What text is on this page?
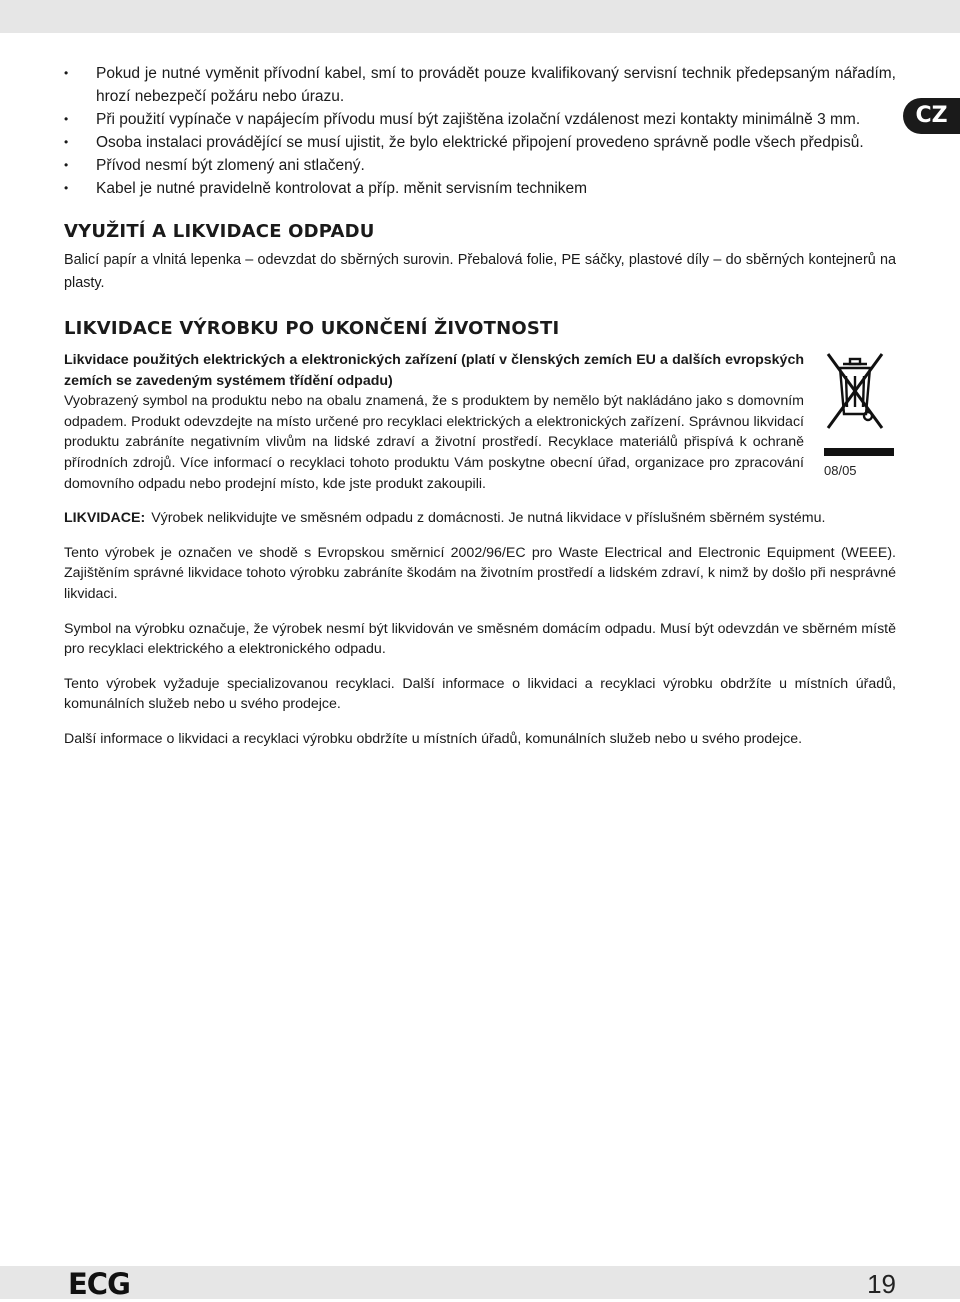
CZ
• Pokud je nutné vyměnit přívodní kabel, smí to provádět pouze kvalifikovaný servisní technik předepsaným nářadím, hrozí nebezpečí požáru nebo úrazu.
• Při použití vypínače v napájecím přívodu musí být zajištěna izolační vzdálenost mezi kontakty minimálně 3 mm.
• Osoba instalaci provádějící se musí ujistit, že bylo elektrické připojení provedeno správně podle všech předpisů.
• Přívod nesmí být zlomený ani stlačený.
• Kabel je nutné pravidelně kontrolovat a příp. měnit servisním technikem
VYUŽITÍ A LIKVIDACE ODPADU

Balicí papír a vlnitá lepenka – odevzdat do sběrných surovin. Přebalová folie, PE sáčky, plastové díly – do sběrných kontejnerů na plasty.

LIKVIDACE VÝROBKU PO UKONČENÍ ŽIVOTNOSTI
Likvidace použitých elektrických a elektronických zařízení (platí v členských zemích EU a dalších evropských zemích se zavedeným systémem třídění odpadu)
Vyobrazený symbol na produktu nebo na obalu znamená, že s produktem by nemělo být nakládáno jako s domovním odpadem. Produkt odevzdejte na místo určené pro recyklaci elektrických a elektronických zařízení. Správnou likvidací produktu zabráníte negativním vlivům na lidské zdraví a životní prostředí. Recyklace materiálů přispívá k ochraně přírodních zdrojů. Více informací o recyklaci tohoto produktu Vám poskytne obecní úřad, organizace pro zpracování domovního odpadu nebo prodejní místo, kde jste produkt zakoupili.
08/05

LIKVIDACE: Výrobek nelikvidujte ve směsném odpadu z domácnosti. Je nutná likvidace v příslušném sběrném systému.

Tento výrobek je označen ve shodě s Evropskou směrnicí 2002/96/EC pro Waste Electrical and Electronic Equipment (WEEE). Zajištěním správné likvidace tohoto výrobku zabráníte škodám na životním prostředí a lidském zdraví, k nimž by došlo při nesprávné likvidaci.

Symbol na výrobku označuje, že výrobek nesmí být likvidován ve směsném domácím odpadu. Musí být odevzdán ve sběrném místě pro recyklaci elektrického a elektronického odpadu.

Tento výrobek vyžaduje specializovanou recyklaci. Další informace o likvidaci a recyklaci výrobku obdržíte u místních úřadů, komunálních služeb nebo u svého prodejce.

Další informace o likvidaci a recyklaci výrobku obdržíte u místních úřadů, komunálních služeb nebo u svého prodejce.

ECG	19
